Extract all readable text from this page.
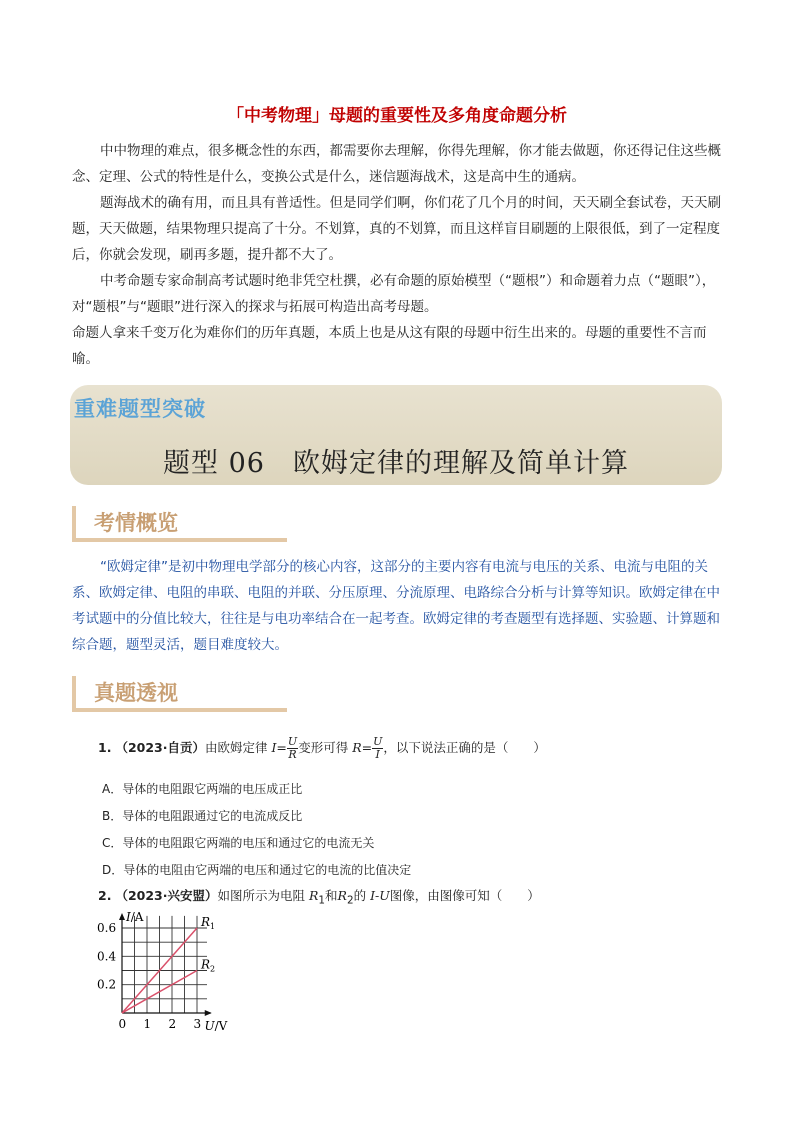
「中考物理」母题的重要性及多角度命题分析

中中物理的难点，很多概念性的东西，都需要你去理解，你得先理解，你才能去做题，你还得记住这些概念、定理、公式的特性是什么，变换公式是什么，迷信题海战术，这是高中生的通病。

题海战术的确有用，而且具有普适性。但是同学们啊，你们花了几个月的时间，天天刷全套试卷，天天刷题，天天做题，结果物理只提高了十分。不划算，真的不划算，而且这样盲目刷题的上限很低，到了一定程度后，你就会发现，刷再多题，提升都不大了。

中考命题专家命制高考试题时绝非凭空杜撰，必有命题的原始模型（“题根”）和命题着力点（“题眼”），对“题根”与“题眼”进行深入的探求与拓展可构造出高考母题。

命题人拿来千变万化为难你们的历年真题，本质上也是从这有限的母题中衍生出来的。母题的重要性不言而喻。

重难题型突破
题型 06　欧姆定律的理解及简单计算
考情概览

“欧姆定律”是初中物理电学部分的核心内容，这部分的主要内容有电流与电压的关系、电流与电阻的关系、欧姆定律、电阻的串联、电阻的并联、分压原理、分流原理、电路综合分析与计算等知识。欧姆定律在中考试题中的分值比较大，往往是与电功率结合在一起考查。欧姆定律的考查题型有选择题、实验题、计算题和综合题，题型灵活，题目难度较大。

真题透视
1. （2023·自贡）由欧姆定律 $I= \frac{U}{R}$ 变形可得 $R= \frac{U}{I}$ ，以下说法正确的是（　　）
A．导体的电阻跟它两端的电压成正比
B．导体的电阻跟通过它的电流成反比
C．导体的电阻跟它两端的电压和通过它的电流无关
D．导体的电阻由它两端的电压和通过它的电流的比值决定
2. （2023·兴安盟）如图所示为电阻 $R_1$和$R_2$的 I-U图像，由图像可知（　　）
0 1 2 3
0.2
0.4
0.6	$R_1$
$R_2$
I/A
U/V
